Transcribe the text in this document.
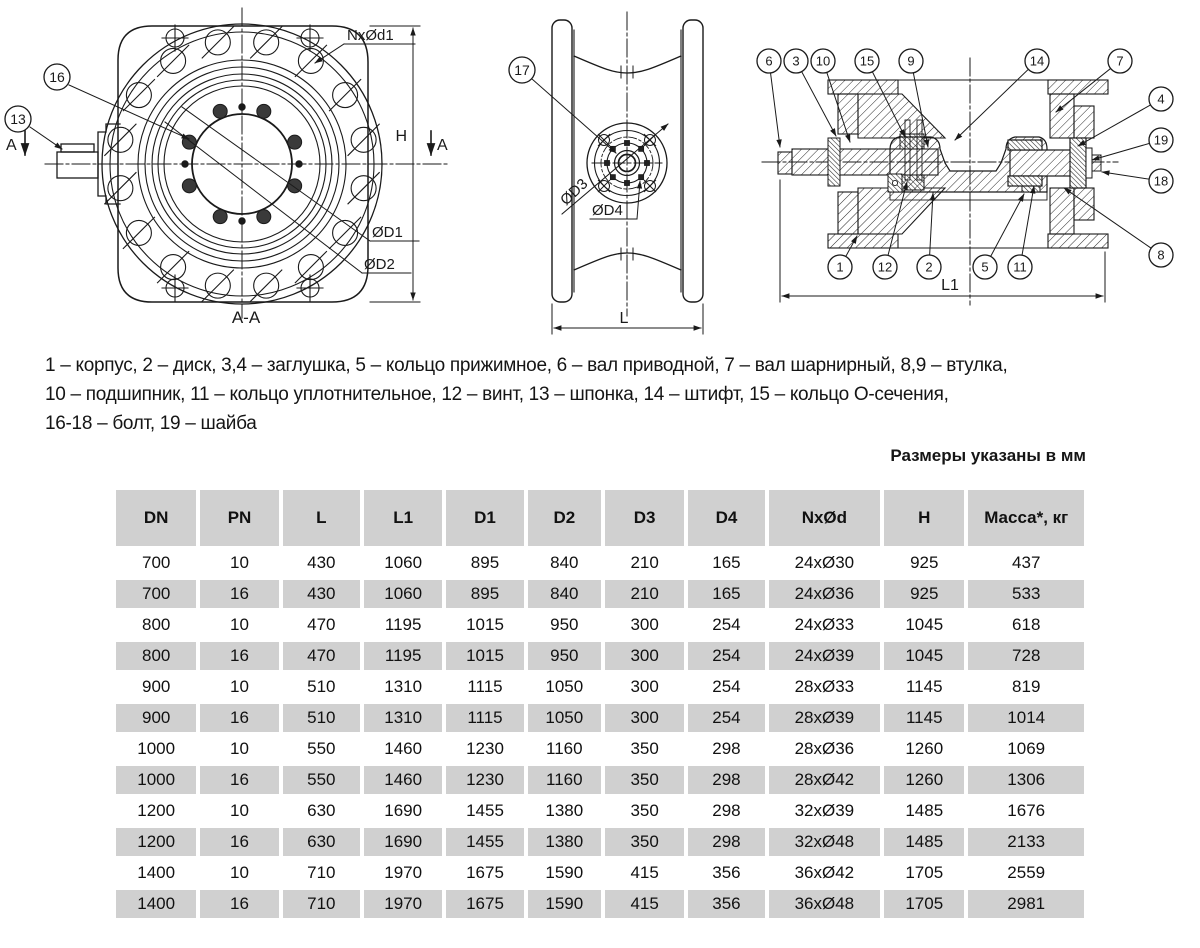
16
13
A	A
H
NxØd1
ØD1
ØD2
A-A
17
ØD3
ØD4
L
L1
6 3 10 15	9	14	7
4
19
18
8
1	12	2	5 11
1 – корпус, 2 – диск, 3,4 – заглушка, 5 – кольцо прижимное, 6 – вал приводной, 7 – вал шарнирный, 8,9 – втулка,
10 – подшипник, 11 – кольцо уплотнительное, 12 – винт, 13 – шпонка, 14 – штифт, 15 – кольцо О-сечения,
16-18 – болт, 19 – шайба
Размеры указаны в мм
DN	PN	L	L1	D1	D2	D3	D4	NxØd	H	Масса*, кг
700	10	430	1060	895	840	210	165	24xØ30	925	437
700	16	430	1060	895	840	210	165	24xØ36	925	533
800	10	470	1195	1015	950	300	254	24xØ33	1045	618
800	16	470	1195	1015	950	300	254	24xØ39	1045	728
900	10	510	1310	1115	1050	300	254	28xØ33	1145	819
900	16	510	1310	1115	1050	300	254	28xØ39	1145	1014
1000	10	550	1460	1230	1160	350	298	28xØ36	1260	1069
1000	16	550	1460	1230	1160	350	298	28xØ42	1260	1306
1200	10	630	1690	1455	1380	350	298	32xØ39	1485	1676
1200	16	630	1690	1455	1380	350	298	32xØ48	1485	2133
1400	10	710	1970	1675	1590	415	356	36xØ42	1705	2559
1400	16	710	1970	1675	1590	415	356	36xØ48	1705	2981
